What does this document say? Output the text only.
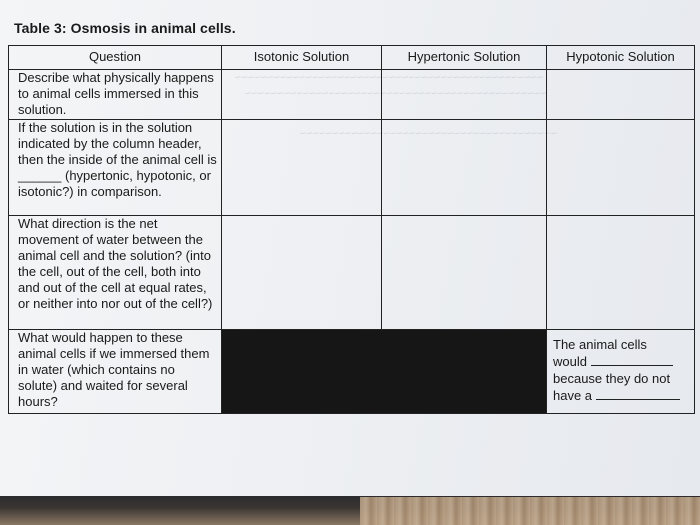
~~~~~~~~~~~~~~~~~~~~~~~~~~~~~~~~~~~~~~~~~~~~~~~~
~~~~~~~~~~~~~~~~~~~~~~~~~~~~~~~~~~~~~~~~~~~~~~~
~~~~~~~~~~~~~~~~~~~~~~~~~~~~~~~~~~~~~~~~
Table 3: Osmosis in animal cells.
Question	Isotonic Solution	Hypertonic Solution	Hypotonic Solution
Describe what physically happens to animal cells immersed in this solution.			
If the solution is in the solution indicated by the column header, then the inside of the animal cell is ______ (hypertonic, hypotonic, or isotonic?) in comparison.			
What direction is the net movement of water between the animal cell and the solution? (into the cell, out of the cell, both into and out of the cell at equal rates, or neither into nor out of the cell?)			
What would happen to these animal cells if we immersed them in water (which contains no solute) and waited for several hours?			The animal cells
would
because they do not
have a
